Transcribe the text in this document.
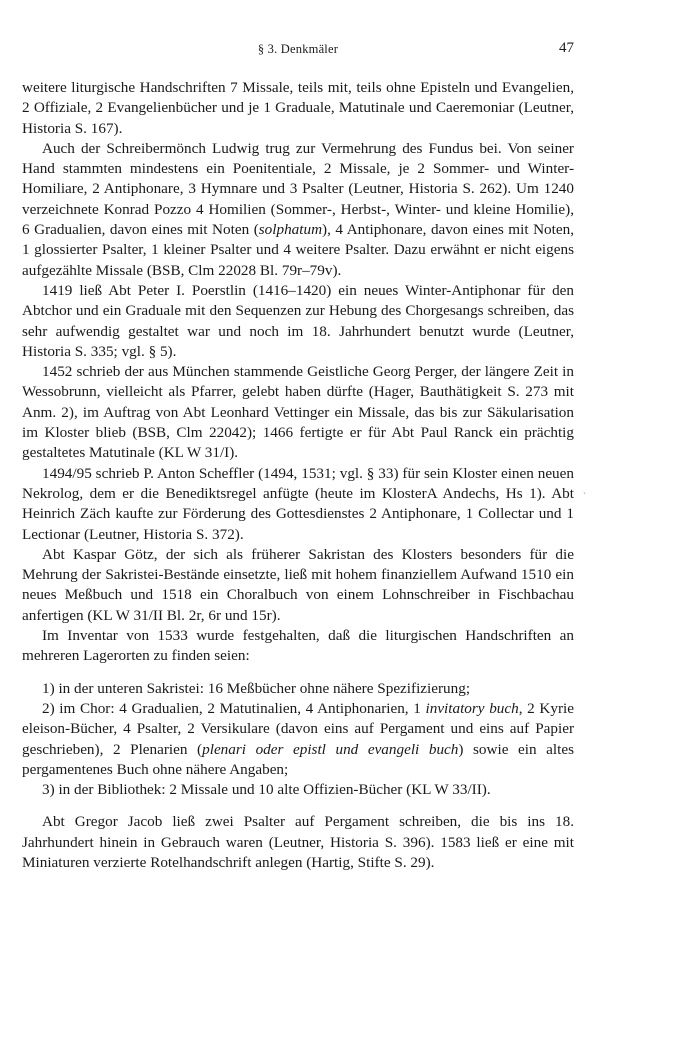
§ 3. Denkmäler	47

weitere liturgische Handschriften 7 Missale, teils mit, teils ohne Episteln und Evangelien, 2 Offiziale, 2 Evangelienbücher und je 1 Graduale, Matutinale und Caeremoniar (Leutner, Historia S. 167).

Auch der Schreibermönch Ludwig trug zur Vermehrung des Fundus bei. Von seiner Hand stammten mindestens ein Poenitentiale, 2 Missale, je 2 Sommer- und Winter-Homiliare, 2 Antiphonare, 3 Hymnare und 3 Psalter (Leutner, Historia S. 262). Um 1240 verzeichnete Konrad Pozzo 4 Homilien (Sommer-, Herbst-, Winter- und kleine Homilie), 6 Gradualien, davon eines mit Noten (solphatum), 4 Antiphonare, davon eines mit Noten, 1 glossierter Psalter, 1 kleiner Psalter und 4 weitere Psalter. Dazu erwähnt er nicht eigens aufgezählte Missale (BSB, Clm 22028 Bl. 79r–79v).

1419 ließ Abt Peter I. Poerstlin (1416–1420) ein neues Winter-Antiphonar für den Abtchor und ein Graduale mit den Sequenzen zur Hebung des Chorgesangs schreiben, das sehr aufwendig gestaltet war und noch im 18. Jahrhundert benutzt wurde (Leutner, Historia S. 335; vgl. § 5).

1452 schrieb der aus München stammende Geistliche Georg Perger, der längere Zeit in Wessobrunn, vielleicht als Pfarrer, gelebt haben dürfte (Hager, Bauthätigkeit S. 273 mit Anm. 2), im Auftrag von Abt Leonhard Vettinger ein Missale, das bis zur Säkularisation im Kloster blieb (BSB, Clm 22042); 1466 fertigte er für Abt Paul Ranck ein prächtig gestaltetes Matutinale (KL W 31/I).

1494/95 schrieb P. Anton Scheffler (1494, 1531; vgl. § 33) für sein Kloster einen neuen Nekrolog, dem er die Benediktsregel anfügte (heute im KlosterA Andechs, Hs 1). Abt Heinrich Zäch kaufte zur Förderung des Gottesdienstes 2 Antiphonare, 1 Collectar und 1 Lectionar (Leutner, Historia S. 372).

Abt Kaspar Götz, der sich als früherer Sakristan des Klosters besonders für die Mehrung der Sakristei-Bestände einsetzte, ließ mit hohem finanziellem Aufwand 1510 ein neues Meßbuch und 1518 ein Choralbuch von einem Lohnschreiber in Fischbachau anfertigen (KL W 31/II Bl. 2r, 6r und 15r).

Im Inventar von 1533 wurde festgehalten, daß die liturgischen Handschriften an mehreren Lagerorten zu finden seien:

1) in der unteren Sakristei: 16 Meßbücher ohne nähere Spezifizierung;

2) im Chor: 4 Gradualien, 2 Matutinalien, 4 Antiphonarien, 1 invitatory buch, 2 Kyrie eleison-Bücher, 4 Psalter, 2 Versikulare (davon eins auf Pergament und eins auf Papier geschrieben), 2 Plenarien (plenari oder epistl und evangeli buch) sowie ein altes pergamentenes Buch ohne nähere Angaben;

3) in der Bibliothek: 2 Missale und 10 alte Offizien-Bücher (KL W 33/II).

Abt Gregor Jacob ließ zwei Psalter auf Pergament schreiben, die bis ins 18. Jahrhundert hinein in Gebrauch waren (Leutner, Historia S. 396). 1583 ließ er eine mit Miniaturen verzierte Rotelhandschrift anlegen (Hartig, Stifte S. 29).

ˋ
